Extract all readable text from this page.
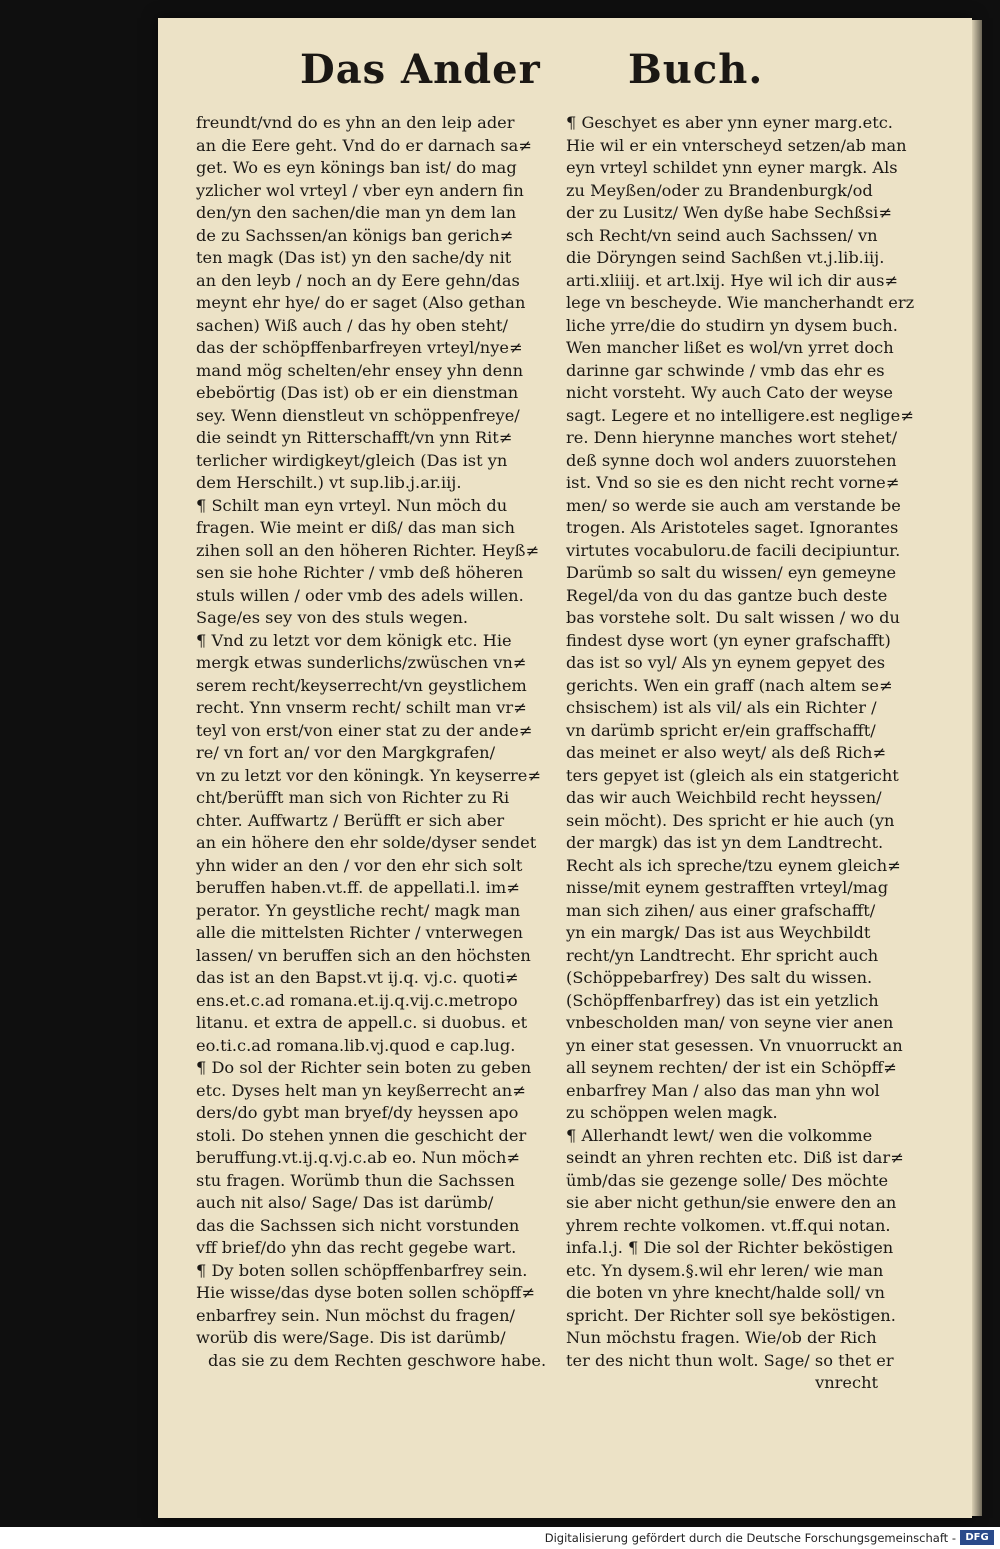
Das Ander Buch.
freundt/vnd do es yhn an den leip ader
an die Eere geht. Vnd do er darnach sa≠
get. Wo es eyn könings ban ist/ do mag
yzlicher wol vrteyl / vber eyn andern fin
den/yn den sachen/die man yn dem lan
de zu Sachssen/an königs ban gerich≠
ten magk (Das ist) yn den sache/dy nit
an den leyb / noch an dy Eere gehn/das
meynt ehr hye/ do er saget (Also gethan
sachen) Wiß auch / das hy oben steht/
das der schöpffenbarfreyen vrteyl/nye≠
mand mög schelten/ehr ensey yhn denn
ebebörtig (Das ist) ob er ein dienstman
sey. Wenn dienstleut vn schöppenfreye/
die seindt yn Ritterschafft/vn ynn Rit≠
terlicher wirdigkeyt/gleich (Das ist yn
dem Herschilt.) vt sup.lib.j.ar.iij.
¶ Schilt man eyn vrteyl. Nun möch du
fragen. Wie meint er diß/ das man sich
zihen soll an den höheren Richter. Heyß≠
sen sie hohe Richter / vmb deß höheren
stuls willen / oder vmb des adels willen.
Sage/es sey von des stuls wegen.
¶ Vnd zu letzt vor dem königk etc. Hie
mergk etwas sunderlichs/zwüschen vn≠
serem recht/keyserrecht/vn geystlichem
recht. Ynn vnserm recht/ schilt man vr≠
teyl von erst/von einer stat zu der ande≠
re/ vn fort an/ vor den Margkgrafen/
vn zu letzt vor den köningk. Yn keyserre≠
cht/berüfft man sich von Richter zu Ri
chter. Auffwartz / Berüfft er sich aber
an ein höhere den ehr solde/dyser sendet
yhn wider an den / vor den ehr sich solt
beruffen haben.vt.ff. de appellati.l. im≠
perator. Yn geystliche recht/ magk man
alle die mittelsten Richter / vnterwegen
lassen/ vn beruffen sich an den höchsten
das ist an den Bapst.vt ij.q. vj.c. quoti≠
ens.et.c.ad romana.et.ij.q.vij.c.metropo
litanu. et extra de appell.c. si duobus. et
eo.ti.c.ad romana.lib.vj.quod e cap.lug.
¶ Do sol der Richter sein boten zu geben
etc. Dyses helt man yn keyßerrecht an≠
ders/do gybt man bryef/dy heyssen apo
stoli. Do stehen ynnen die geschicht der
beruffung.vt.ij.q.vj.c.ab eo. Nun möch≠
stu fragen. Worümb thun die Sachssen
auch nit also/ Sage/ Das ist darümb/
das die Sachssen sich nicht vorstunden
vff brief/do yhn das recht gegebe wart.
¶ Dy boten sollen schöpffenbarfrey sein.
Hie wisse/das dyse boten sollen schöpff≠
enbarfrey sein. Nun möchst du fragen/
worüb dis were/Sage. Dis ist darümb/
das sie zu dem Rechten geschwore habe.
¶ Geschyet es aber ynn eyner marg.etc.
Hie wil er ein vnterscheyd setzen/ab man
eyn vrteyl schildet ynn eyner margk. Als
zu Meyßen/oder zu Brandenburgk/od
der zu Lusitz/ Wen dyße habe Sechßsi≠
sch Recht/vn seind auch Sachssen/ vn
die Döryngen seind Sachßen vt.j.lib.iij.
arti.xliiij. et art.lxij. Hye wil ich dir aus≠
lege vn bescheyde. Wie mancherhandt erz
liche yrre/die do studirn yn dysem buch.
Wen mancher lißet es wol/vn yrret doch
darinne gar schwinde / vmb das ehr es
nicht vorsteht. Wy auch Cato der weyse
sagt. Legere et no intelligere.est neglige≠
re. Denn hierynne manches wort stehet/
deß synne doch wol anders zuuorstehen
ist. Vnd so sie es den nicht recht vorne≠
men/ so werde sie auch am verstande be
trogen. Als Aristoteles saget. Ignorantes
virtutes vocabuloru.de facili decipiuntur.
Darümb so salt du wissen/ eyn gemeyne
Regel/da von du das gantze buch deste
bas vorstehe solt. Du salt wissen / wo du
findest dyse wort (yn eyner grafschafft)
das ist so vyl/ Als yn eynem gepyet des
gerichts. Wen ein graff (nach altem se≠
chsischem) ist als vil/ als ein Richter /
vn darümb spricht er/ein graffschafft/
das meinet er also weyt/ als deß Rich≠
ters gepyet ist (gleich als ein statgericht
das wir auch Weichbild recht heyssen/
sein möcht). Des spricht er hie auch (yn
der margk) das ist yn dem Landtrecht.
Recht als ich spreche/tzu eynem gleich≠
nisse/mit eynem gestrafften vrteyl/mag
man sich zihen/ aus einer grafschafft/
yn ein margk/ Das ist aus Weychbildt
recht/yn Landtrecht. Ehr spricht auch
(Schöppebarfrey) Des salt du wissen.
(Schöpffenbarfrey) das ist ein yetzlich
vnbescholden man/ von seyne vier anen
yn einer stat gesessen. Vn vnuorruckt an
all seynem rechten/ der ist ein Schöpff≠
enbarfrey Man / also das man yhn wol
zu schöppen welen magk.
¶ Allerhandt lewt/ wen die volkomme
seindt an yhren rechten etc. Diß ist dar≠
ümb/das sie gezenge solle/ Des möchte
sie aber nicht gethun/sie enwere den an
yhrem rechte volkomen. vt.ff.qui notan.
infa.l.j. ¶ Die sol der Richter beköstigen
etc. Yn dysem.§.wil ehr leren/ wie man
die boten vn yhre knecht/halde soll/ vn
spricht. Der Richter soll sye beköstigen.
Nun möchstu fragen. Wie/ob der Rich
ter des nicht thun wolt. Sage/ so thet er
vnrecht
Digitalisierung gefördert durch die Deutsche Forschungsgemeinschaft - DFG
